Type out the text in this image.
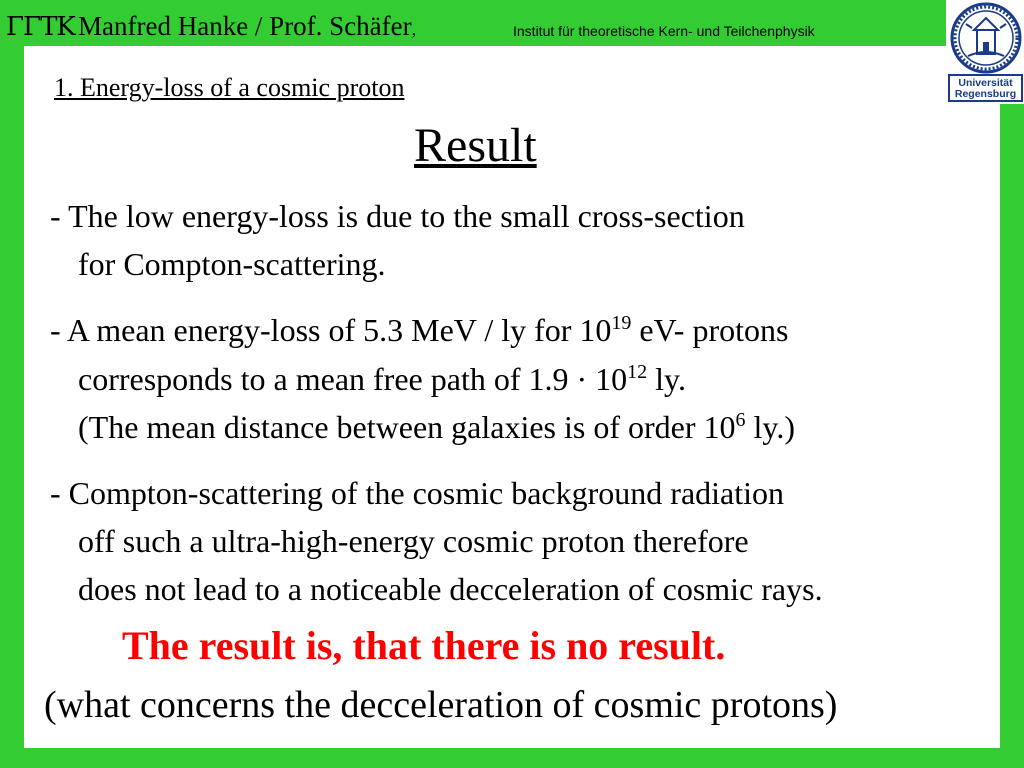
ΓΓΤΚ Manfred Hanke / Prof. Schäfer,	Institut für theoretische Kern- und Teilchenphysik
Universität
Regensburg
1. Energy-loss of a cosmic proton
Result
- The low energy-loss is due to the small cross-section
for Compton-scattering.
- A mean energy-loss of 5.3 MeV / ly for $10^{19}$ eV- protons
corresponds to a mean free path of $1.9 \cdot 10^{12}$ ly.
(The mean distance between galaxies is of order $10^6$ ly.)
- Compton-scattering of the cosmic background radiation
off such a ultra-high-energy cosmic proton therefore
does not lead to a noticeable decceleration of cosmic rays.
The result is, that there is no result.
(what concerns the decceleration of cosmic protons)
